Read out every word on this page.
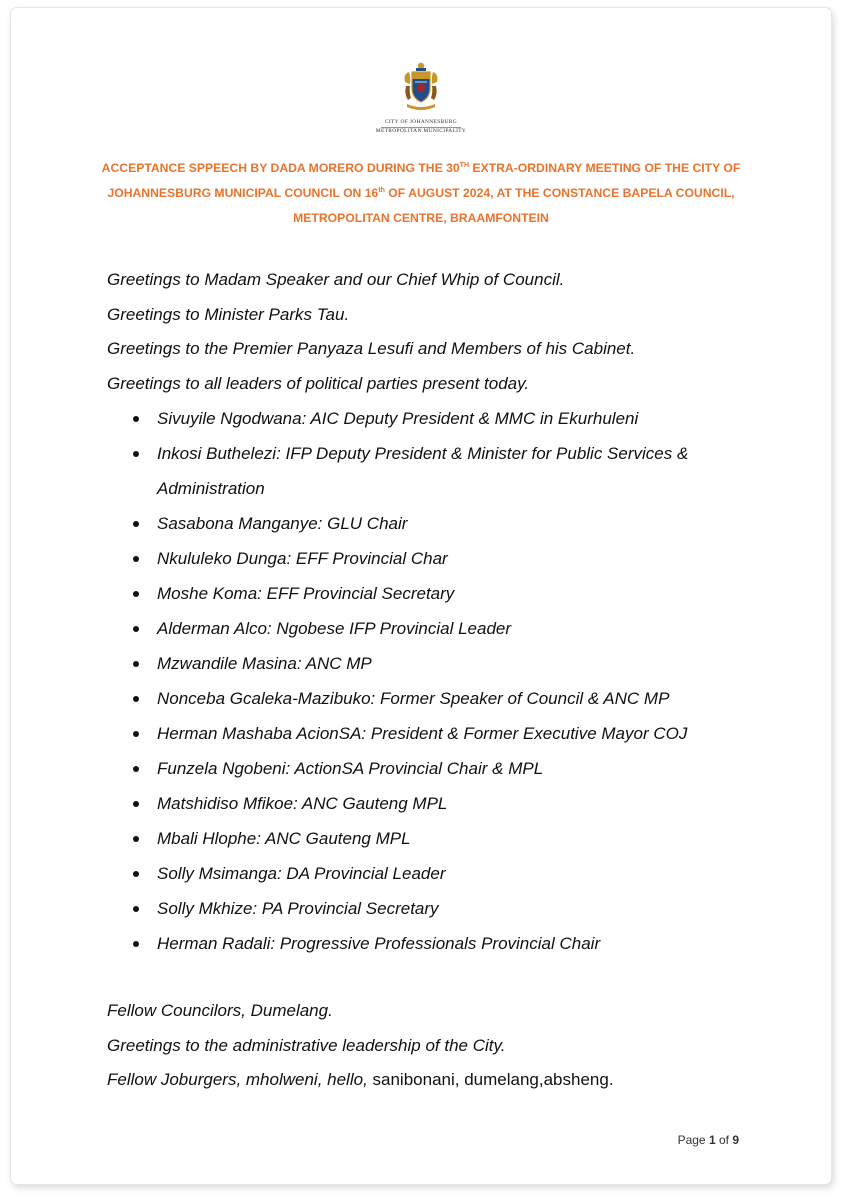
CITY OF JOHANNESBURG
METROPOLITAN MUNICIPALITY
ACCEPTANCE SPPEECH BY DADA MORERO DURING THE 30TH EXTRA-ORDINARY MEETING OF THE CITY OF JOHANNESBURG MUNICIPAL COUNCIL ON 16th OF AUGUST 2024, AT THE CONSTANCE BAPELA COUNCIL, METROPOLITAN CENTRE, BRAAMFONTEIN
Greetings to Madam Speaker and our Chief Whip of Council.
Greetings to Minister Parks Tau.
Greetings to the Premier Panyaza Lesufi and Members of his Cabinet.
Greetings to all leaders of political parties present today.
Sivuyile Ngodwana: AIC Deputy President & MMC in Ekurhuleni
Inkosi Buthelezi: IFP Deputy President & Minister for Public Services & Administration
Sasabona Manganye: GLU Chair
Nkululeko Dunga: EFF Provincial Char
Moshe Koma: EFF Provincial Secretary
Alderman Alco: Ngobese IFP Provincial Leader
Mzwandile Masina: ANC MP
Nonceba Gcaleka-Mazibuko: Former Speaker of Council & ANC MP
Herman Mashaba AcionSA: President & Former Executive Mayor COJ
Funzela Ngobeni: ActionSA Provincial Chair & MPL
Matshidiso Mfikoe: ANC Gauteng MPL
Mbali Hlophe: ANC Gauteng MPL
Solly Msimanga: DA Provincial Leader
Solly Mkhize: PA Provincial Secretary
Herman Radali: Progressive Professionals Provincial Chair
Fellow Councilors, Dumelang.
Greetings to the administrative leadership of the City.
Fellow Joburgers, mholweni, hello, sanibonani, dumelang,absheng.
Page 1 of 9
